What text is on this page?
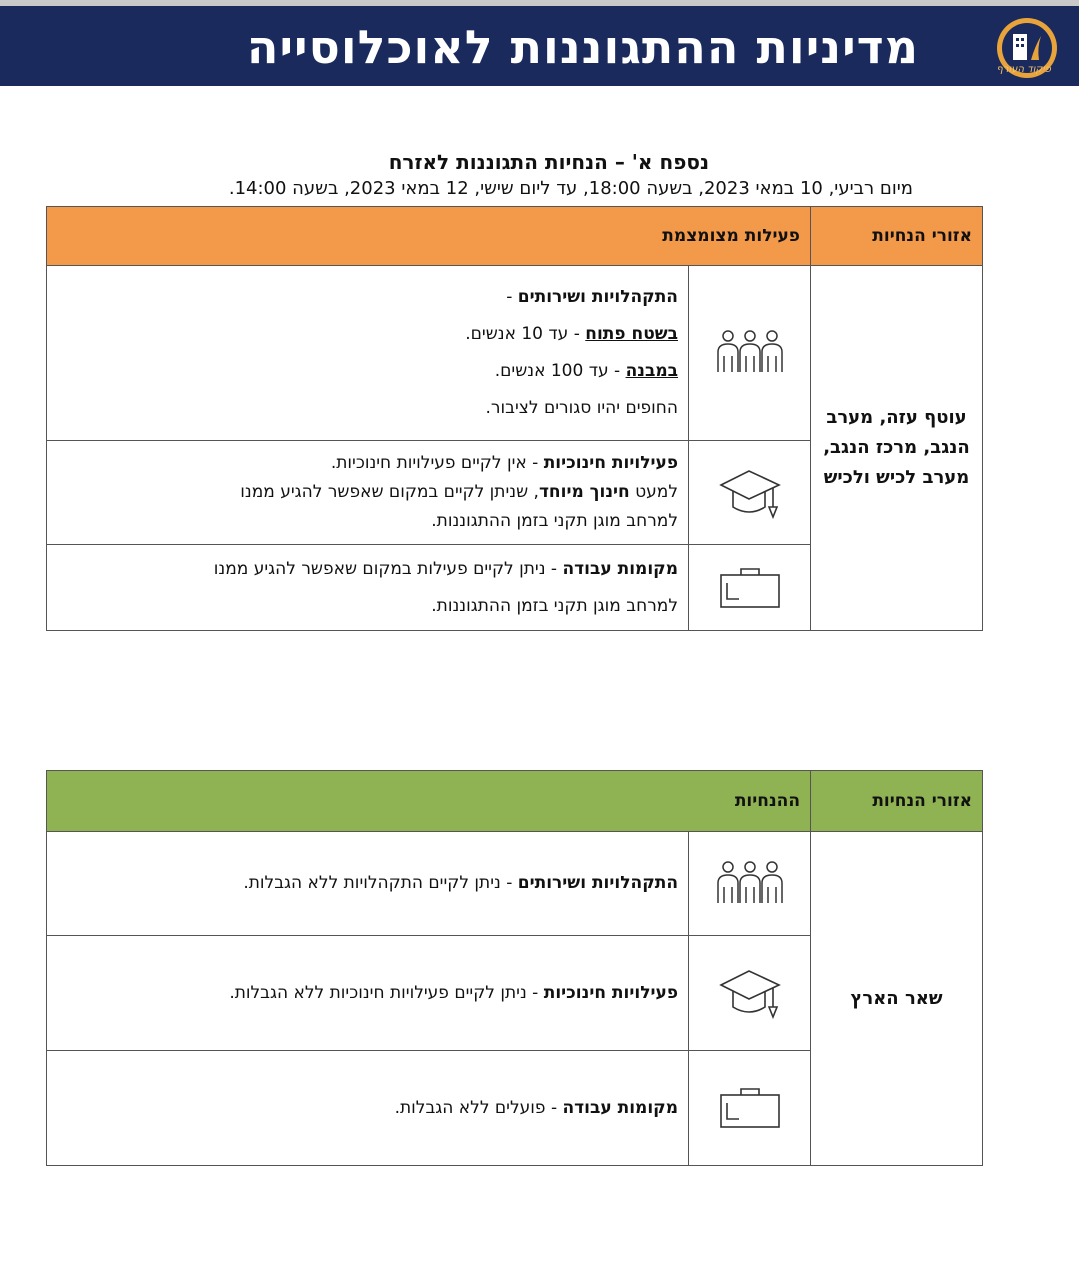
מדיניות ההתגוננות לאוכלוסייה	פיקוד העורף
נספח א' – הנחיות התגוננות לאזרח
מיום רביעי, 10 במאי 2023, בשעה 18:00, עד ליום שישי, 12 במאי 2023, בשעה 14:00.
אזורי הנחיות	פעילות מצומצמת	
עוטף עזה, מערב הנגב, מרכז הנגב, מערב לכיש ולכיש		התקהלויות ושירותים -
בשטח פתוח - עד 10 אנשים.
במבנה - עד 100 אנשים.
החופים יהיו סגורים לציבור.

פעילויות חינוכיות - אין לקיים פעילויות חינוכיות.
למעט חינוך מיוחד, שניתן לקיים במקום שאפשר להגיע ממנו
למרחב מוגן תקני בזמן ההתגוננות.

מקומות עבודה - ניתן לקיים פעילות במקום שאפשר להגיע ממנו
למרחב מוגן תקני בזמן ההתגוננות.
אזורי הנחיות	ההנחיות	
שאר הארץ		התקהלויות ושירותים - ניתן לקיים התקהלויות ללא הגבלות.

	פעילויות חינוכיות - ניתן לקיים פעילויות חינוכיות ללא הגבלות.

	מקומות עבודה - פועלים ללא הגבלות.
